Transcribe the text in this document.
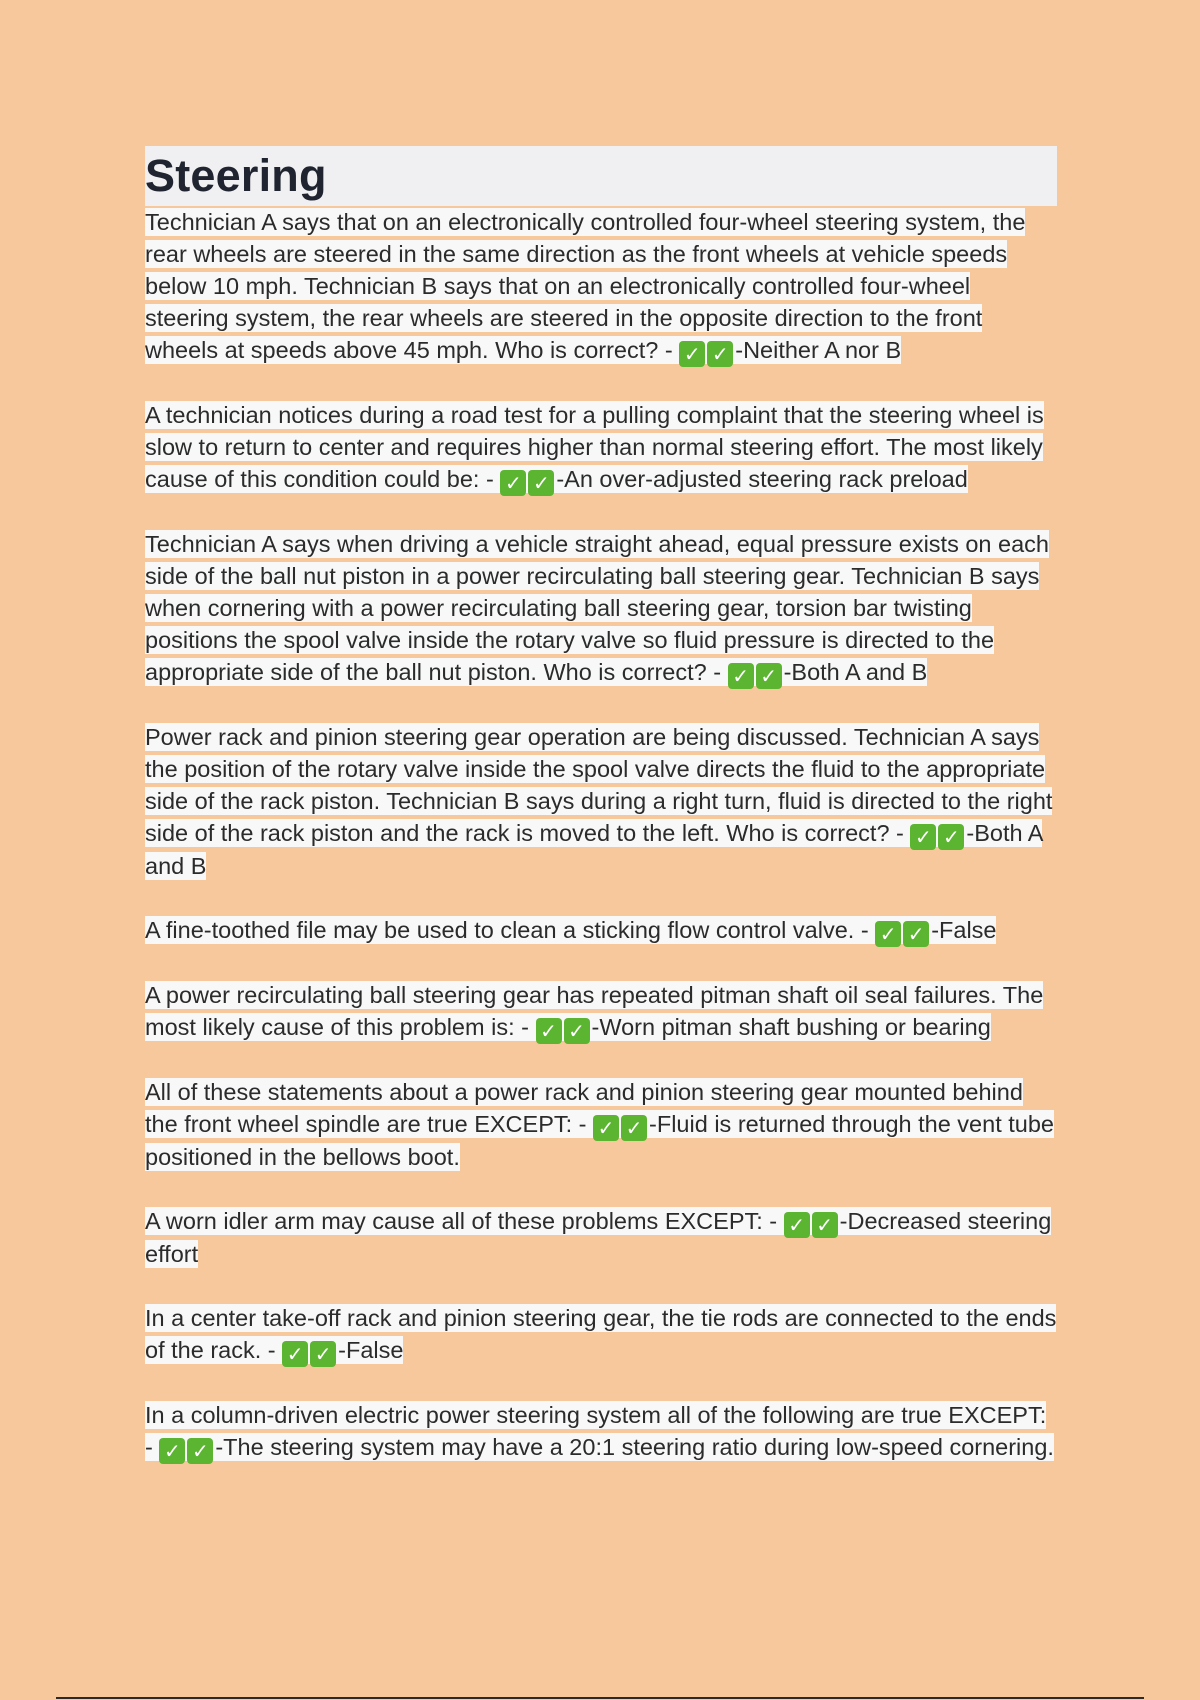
Steering
Technician A says that on an electronically controlled four-wheel steering system, the rear wheels are steered in the same direction as the front wheels at vehicle speeds below 10 mph. Technician B says that on an electronically controlled four-wheel steering system, the rear wheels are steered in the opposite direction to the front wheels at speeds above 45 mph. Who is correct? - ✓ ✓ -Neither A nor B
A technician notices during a road test for a pulling complaint that the steering wheel is slow to return to center and requires higher than normal steering effort. The most likely cause of this condition could be: - ✓ ✓ -An over-adjusted steering rack preload
Technician A says when driving a vehicle straight ahead, equal pressure exists on each side of the ball nut piston in a power recirculating ball steering gear. Technician B says when cornering with a power recirculating ball steering gear, torsion bar twisting positions the spool valve inside the rotary valve so fluid pressure is directed to the appropriate side of the ball nut piston. Who is correct? - ✓ ✓ -Both A and B
Power rack and pinion steering gear operation are being discussed. Technician A says the position of the rotary valve inside the spool valve directs the fluid to the appropriate side of the rack piston. Technician B says during a right turn, fluid is directed to the right side of the rack piston and the rack is moved to the left. Who is correct? - ✓ ✓ -Both A and B
A fine-toothed file may be used to clean a sticking flow control valve. - ✓ ✓ -False
A power recirculating ball steering gear has repeated pitman shaft oil seal failures. The most likely cause of this problem is: - ✓ ✓ -Worn pitman shaft bushing or bearing
All of these statements about a power rack and pinion steering gear mounted behind the front wheel spindle are true EXCEPT: - ✓ ✓ -Fluid is returned through the vent tube positioned in the bellows boot.
A worn idler arm may cause all of these problems EXCEPT: - ✓ ✓ -Decreased steering effort
In a center take-off rack and pinion steering gear, the tie rods are connected to the ends of the rack. - ✓ ✓ -False
In a column-driven electric power steering system all of the following are true EXCEPT: - ✓ ✓ -The steering system may have a 20:1 steering ratio during low-speed cornering.
